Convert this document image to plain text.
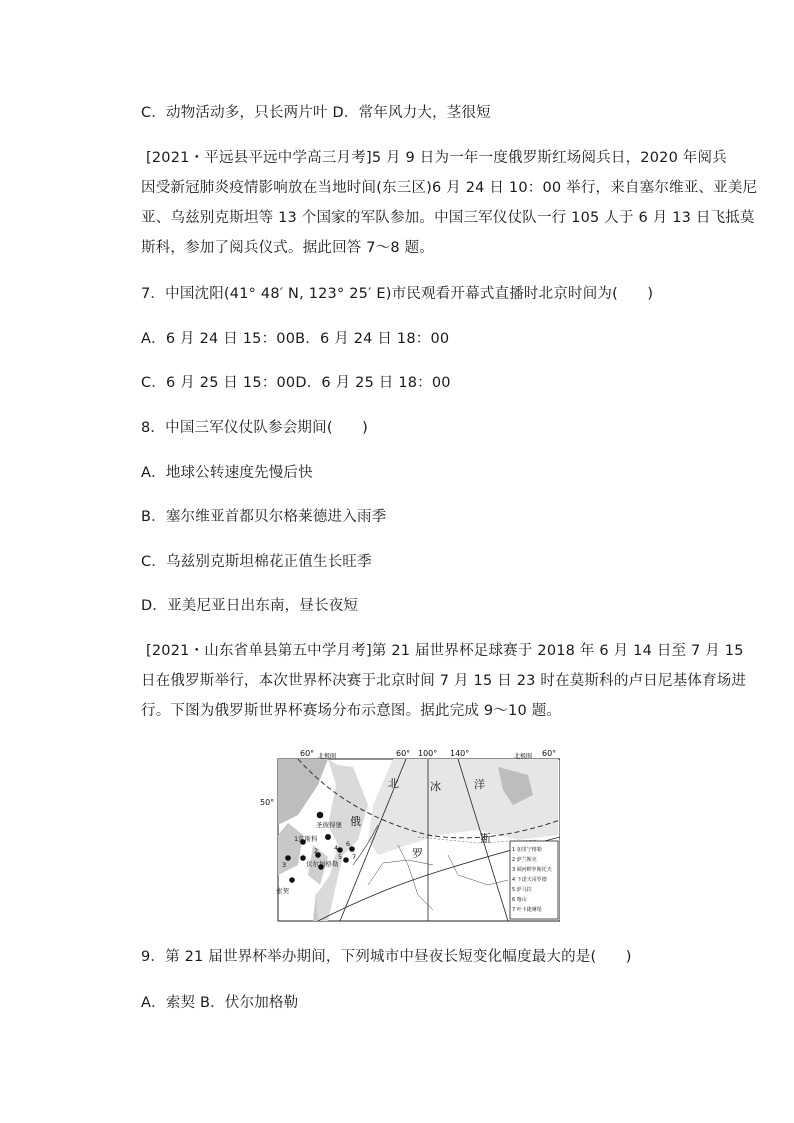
C．动物活动多，只长两片叶 D．常年风力大，茎很短
[2021・平远县平远中学高三月考]5 月 9 日为一年一度俄罗斯红场阅兵日，2020 年阅兵
因受新冠肺炎疫情影响放在当地时间(东三区)6 月 24 日 10：00 举行，来自塞尔维亚、亚美尼
亚、乌兹别克斯坦等 13 个国家的军队参加。中国三军仪仗队一行 105 人于 6 月 13 日飞抵莫
斯科，参加了阅兵仪式。据此回答 7～8 题。
7．中国沈阳(41° 48′ N, 123° 25′ E)市民观看开幕式直播时北京时间为(　　)
A．6 月 24 日 15：00B．6 月 24 日 18：00
C．6 月 25 日 15：00D．6 月 25 日 18：00
8．中国三军仪仗队参会期间(　　)
A．地球公转速度先慢后快
B．塞尔维亚首都贝尔格莱德进入雨季
C．乌兹别克斯坦棉花正值生长旺季
D．亚美尼亚日出东南，昼长夜短
[2021・山东省单县第五中学月考]第 21 届世界杯足球赛于 2018 年 6 月 14 日至 7 月 15
日在俄罗斯举行，本次世界杯决赛于北京时间 7 月 15 日 23 时在莫斯科的卢日尼基体育场进
行。下图为俄罗斯世界杯赛场分布示意图。据此完成 9～10 题。
60° 北极圈	60° 100° 140°	北极圈 60°
50°
北	冰	洋
俄
罗
斯
圣彼得堡
莫斯科
伏尔加格勒
索契
2 4 6
5 7
3
1
1 加里宁格勒
2 萨兰斯克
3 顿河畔罗斯托夫
4 下诺夫哥罗德
5 萨马拉
6 喀山
7 叶卡捷琳堡
9．第 21 届世界杯举办期间，下列城市中昼夜长短变化幅度最大的是(　　)
A．索契 B．伏尔加格勒
